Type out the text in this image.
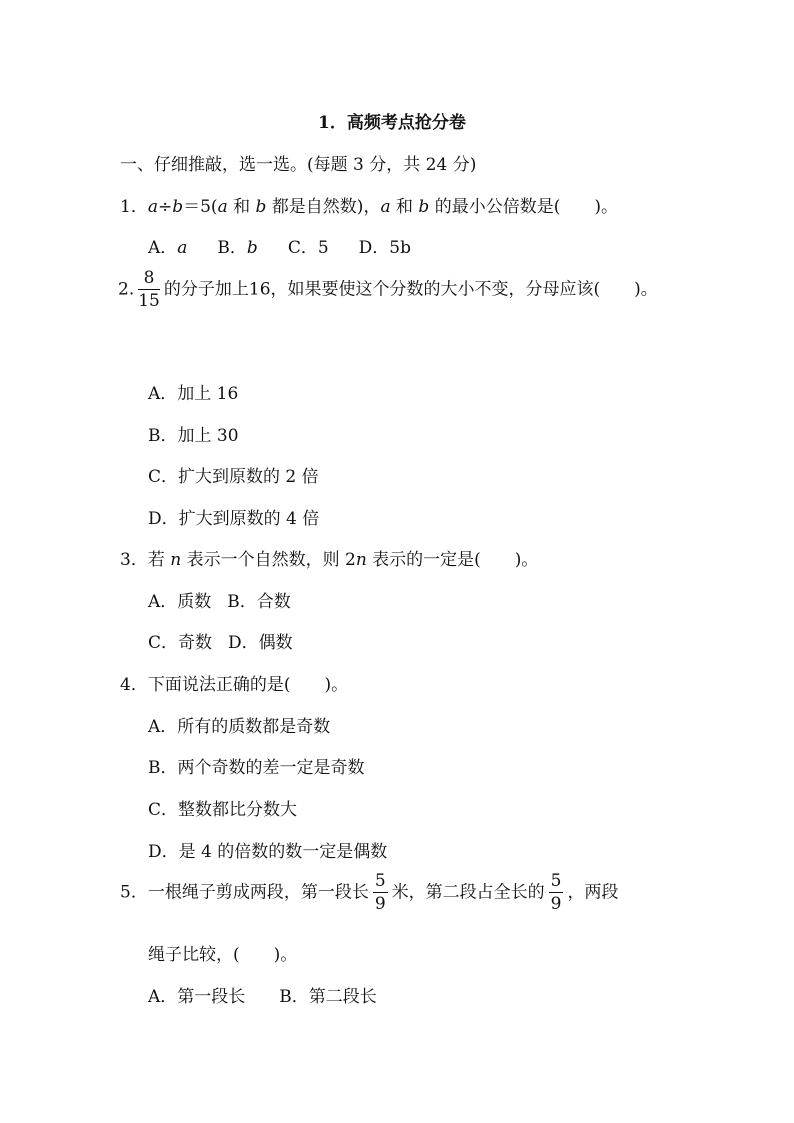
1．高频考点抢分卷
一、仔细推敲，选一选。(每题 3 分，共 24 分)
1．a÷b＝5(a 和 b 都是自然数)，a 和 b 的最小公倍数是(　　)。
A．a B．b C．5 D．5b
2. $\frac{8}{15}$ 的分子加上16，如果要使这个分数的大小不变，分母应该(　　)。
A．加上 16
B．加上 30
C．扩大到原数的 2 倍
D．扩大到原数的 4 倍
3．若 n 表示一个自然数，则 2n 表示的一定是(　　)。
A．质数 B．合数
C．奇数 D．偶数
4．下面说法正确的是(　　)。
A．所有的质数都是奇数
B．两个奇数的差一定是奇数
C．整数都比分数大
D．是 4 的倍数的数一定是偶数
5．一根绳子剪成两段，第一段长 $\frac{5}{9}$ 米，第二段占全长的 $\frac{5}{9}$ ，两段
绳子比较，(　　)。
A．第一段长 B．第二段长
